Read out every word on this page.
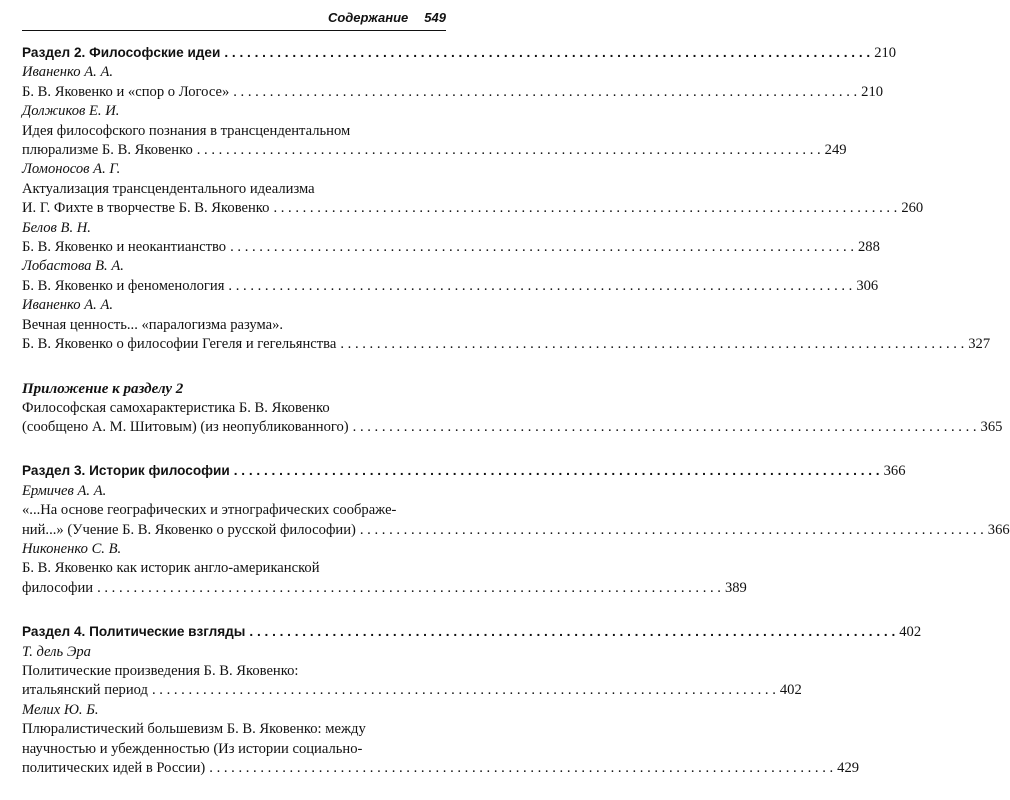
Содержание 549
Раздел 2. Философские идеи . . .	210
Иваненко А. А.
Б. В. Яковенко и «спор о Логосе» . . .	210
Должиков Е. И.
Идея философского познания в трансцендентальном
плюрализме Б. В. Яковенко . . .	249
Ломоносов А. Г.
Актуализация трансцендентального идеализма
И. Г. Фихте в творчестве Б. В. Яковенко . . .	260
Белов В. Н.
Б. В. Яковенко и неокантианство . . .	288
Лобастова В. А.
Б. В. Яковенко и феноменология . . .	306
Иваненко А. А.
Вечная ценность... «паралогизма разума».
Б. В. Яковенко о философии Гегеля и гегельянства . . .	327
Приложение к разделу 2
Философская самохарактеристика Б. В. Яковенко
(сообщено А. М. Шитовым) (из неопубликованного) . . .	365
Раздел 3. Историк философии . . .	366
Ермичев А. А.
«...На основе географических и этнографических соображе-
ний...» (Учение Б. В. Яковенко о русской философии) . . .	366
Никоненко С. В.
Б. В. Яковенко как историк англо-американской
философии . . .	389
Раздел 4. Политические взгляды . . .	402
Т. дель Эра
Политические произведения Б. В. Яковенко:
итальянский период . . .	402
Мелих Ю. Б.
Плюралистический большевизм Б. В. Яковенко: между
научностью и убежденностью (Из истории социально-
политических идей в России) . . .	429
